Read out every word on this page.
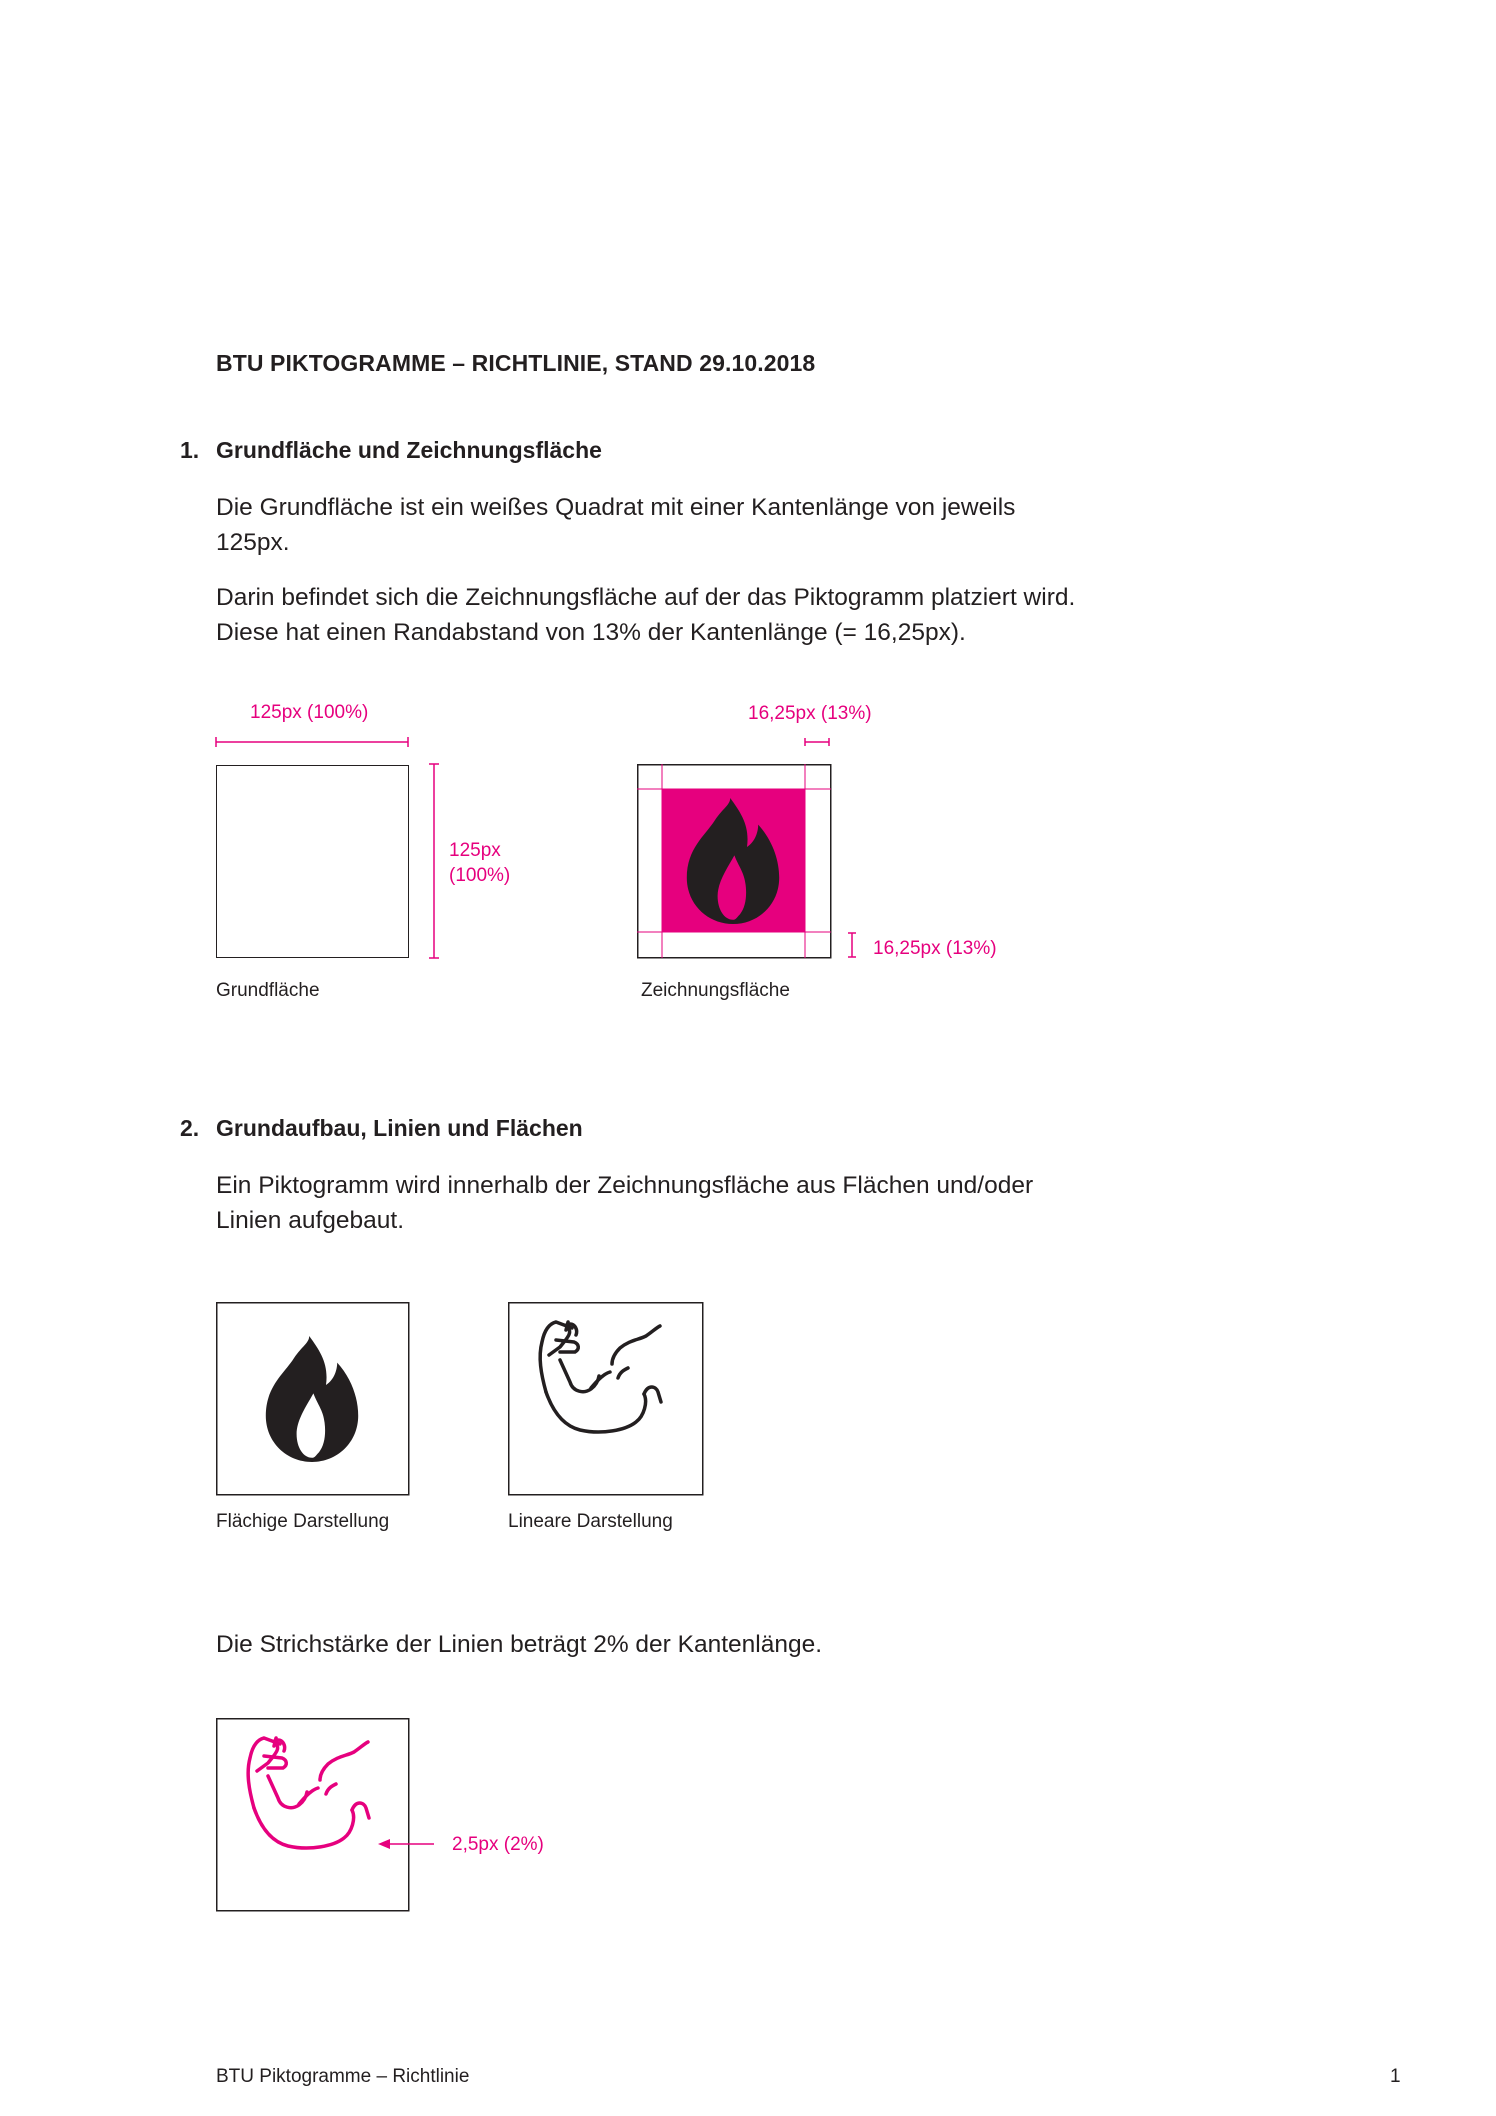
BTU PIKTOGRAMME – RICHTLINIE, STAND 29.10.2018
1. Grundfläche und Zeichnungsfläche
Die Grundfläche ist ein weißes Quadrat mit einer Kantenlänge von jeweils
125px.
Darin befindet sich die Zeichnungsfläche auf der das Piktogramm platziert wird.
Diese hat einen Randabstand von 13% der Kantenlänge (= 16,25px).
125px (100%)
125px
(100%)
Grundfläche
16,25px (13%)
16,25px (13%)
Zeichnungsfläche
2. Grundaufbau, Linien und Flächen
Ein Piktogramm wird innerhalb der Zeichnungsfläche aus Flächen und/oder
Linien aufgebaut.
Flächige Darstellung	Lineare Darstellung
Die Strichstärke der Linien beträgt 2% der Kantenlänge.
2,5px (2%)
BTU Piktogramme – Richtlinie	1
